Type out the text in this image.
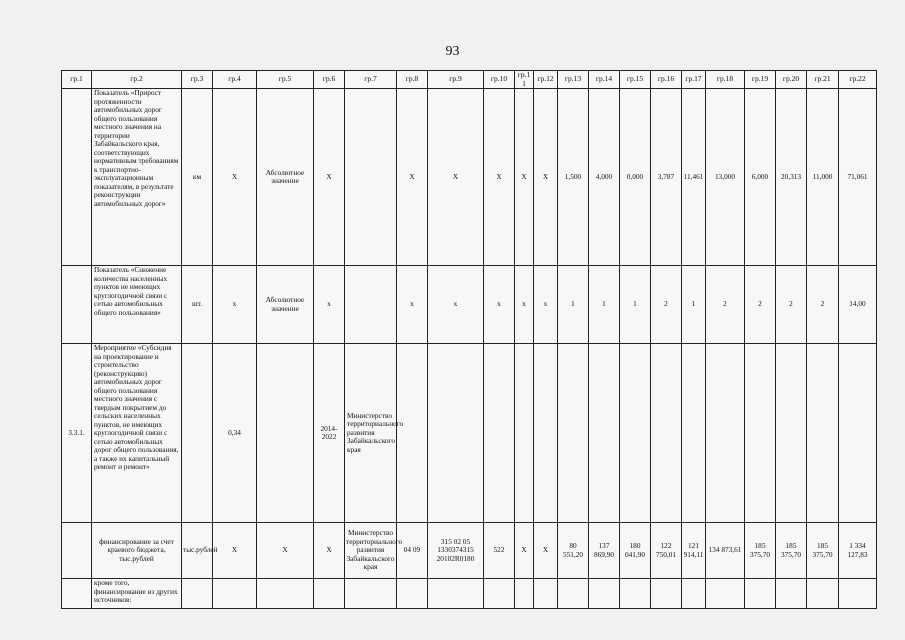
93
гр.1	гр.2	гр.3	гр.4	гр.5	гр.6	гр.7	гр.8	гр.9	гр.10	гр.1 1	гр.12	гр.13	гр.14	гр.15	гр.16	гр.17	гр.18	гр.19	гр.20	гр.21	гр.22
	Показатель «Прирост протяженности автомобильных дорог общего пользования местного значения на территории Забайкальского края, соответствующих нормативным требованиям к транспортно-эксплуатационным показателям, в результате реконструкции автомобильных дорог»	км	Х	Абсолютное значение	Х		Х	Х	Х	Х	Х	1,500	4,000	0,000	3,787	11,461	13,000	6,000	20,313	11,000	71,061
	Показатель «Снижение количества населенных пунктов не имеющих круглогодичной связи с сетью автомобильных общего пользования»	шт.	х	Абсолютное значение	х		х	х	х	х	х	1	1	1	2	1	2	2	2	2	14,00
3.3.1.	Мероприятие «Субсидия на проектирование и строительство (реконструкцию) автомобильных дорог общего пользования местного значения с твердым покрытием до сельских населенных пунктов, не имеющих круглогодичной связи с сетью автомобильных дорог общего пользования, а также их капитальный ремонт и ремонт»		0,34		2014-2022	Министерство территориального развития Забайкальского края															
	финансирование за счет краевого бюджета, тыс.рублей	тыс.рублей	Х	Х	Х	Министерство территориального развития Забайкальского края	04 09	315 02 05 1330374315 20102R0180	522	Х	Х	80 551,20	137 869,90	180 041,90	122 750,01	121 914,11	134 873,61	185 375,70	185 375,70	185 375,70	1 334 127,83
	кроме того, финансирование из других источников:																				
